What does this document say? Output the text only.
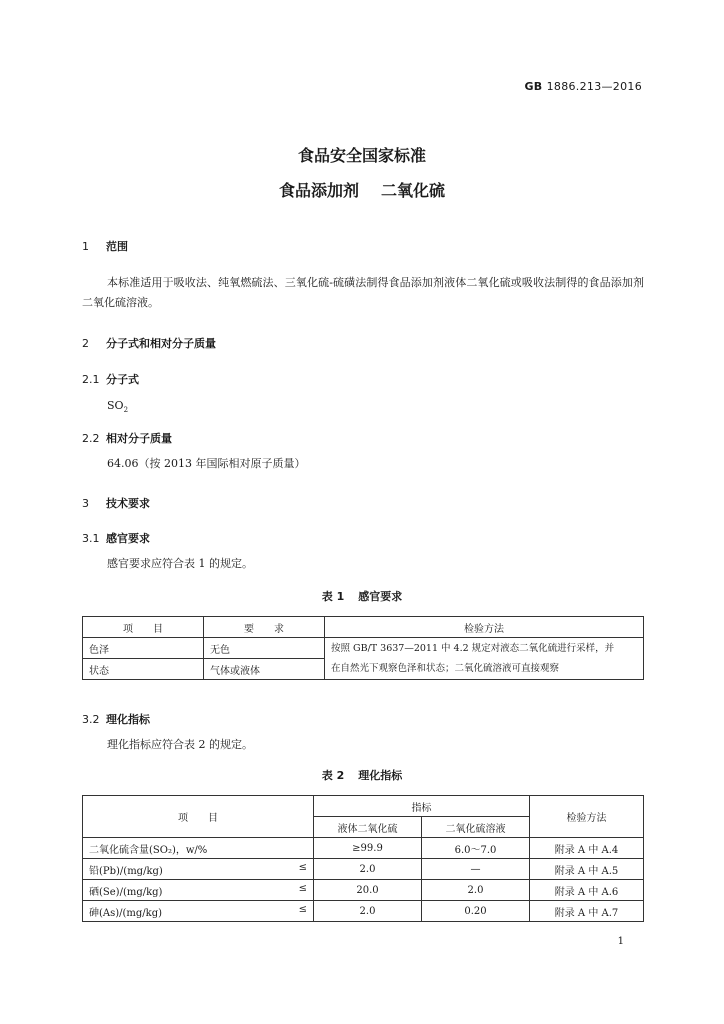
GB 1886.213—2016
食品安全国家标准
食品添加剂 二氧化硫
1 范围
本标准适用于吸收法、纯氧燃硫法、三氧化硫-硫磺法制得食品添加剂液体二氧化硫或吸收法制得的食品添加剂二氧化硫溶液。
2 分子式和相对分子质量
2.1 分子式
$SO_2$
2.2 相对分子质量
64.06（按 2013 年国际相对原子质量）
3 技术要求
3.1 感官要求
感官要求应符合表 1 的规定。
表 1 感官要求
项　　目	要　　求	检验方法
色泽	无色	按照 GB/T 3637—2011 中 4.2 规定对液态二氧化硫进行采样，并
在自然光下观察色泽和状态；二氧化硫溶液可直接观察

状态	气体或液体	
3.2 理化指标
理化指标应符合表 2 的规定。
表 2 理化指标
项　　目	指标		检验方法
	液体二氧化硫	二氧化硫溶液	
二氧化硫含量(SO₂)，w/%	≥99.9	6.0～7.0	附录 A 中 A.4
铅(Pb)/(mg/kg) ≤	2.0	—	附录 A 中 A.5
硒(Se)/(mg/kg) ≤	20.0	2.0	附录 A 中 A.6
砷(As)/(mg/kg) ≤	2.0	0.20	附录 A 中 A.7
1
